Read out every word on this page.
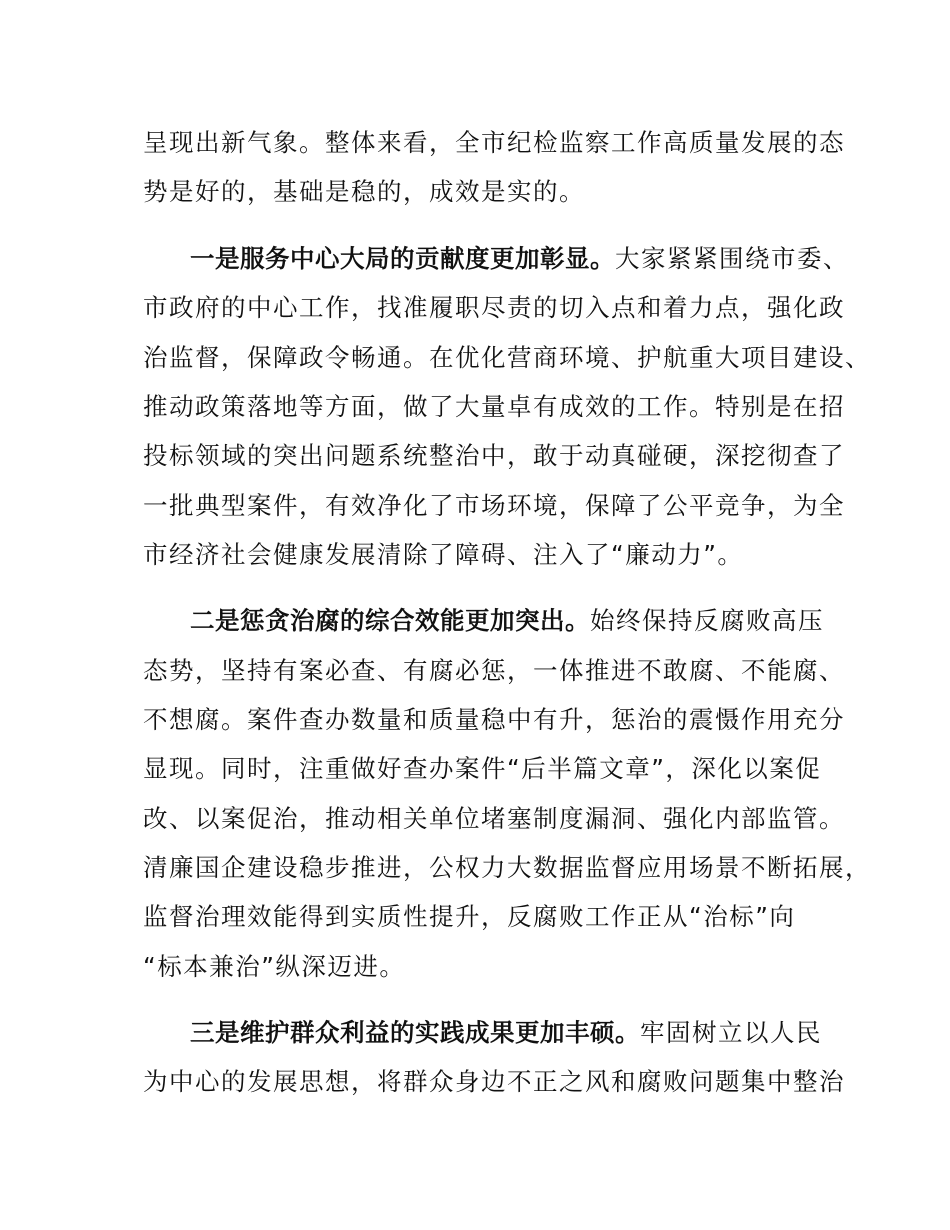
呈现出新气象。整体来看，全市纪检监察工作高质量发展的态
势是好的，基础是稳的，成效是实的。
一是服务中心大局的贡献度更加彰显。大家紧紧围绕市委、
市政府的中心工作，找准履职尽责的切入点和着力点，强化政
治监督，保障政令畅通。在优化营商环境、护航重大项目建设、
推动政策落地等方面，做了大量卓有成效的工作。特别是在招
投标领域的突出问题系统整治中，敢于动真碰硬，深挖彻查了
一批典型案件，有效净化了市场环境，保障了公平竞争，为全
市经济社会健康发展清除了障碍、注入了“廉动力”。
二是惩贪治腐的综合效能更加突出。始终保持反腐败高压
态势，坚持有案必查、有腐必惩，一体推进不敢腐、不能腐、
不想腐。案件查办数量和质量稳中有升，惩治的震慑作用充分
显现。同时，注重做好查办案件“后半篇文章”，深化以案促
改、以案促治，推动相关单位堵塞制度漏洞、强化内部监管。
清廉国企建设稳步推进，公权力大数据监督应用场景不断拓展，
监督治理效能得到实质性提升，反腐败工作正从“治标”向
“标本兼治”纵深迈进。
三是维护群众利益的实践成果更加丰硕。牢固树立以人民
为中心的发展思想，将群众身边不正之风和腐败问题集中整治
